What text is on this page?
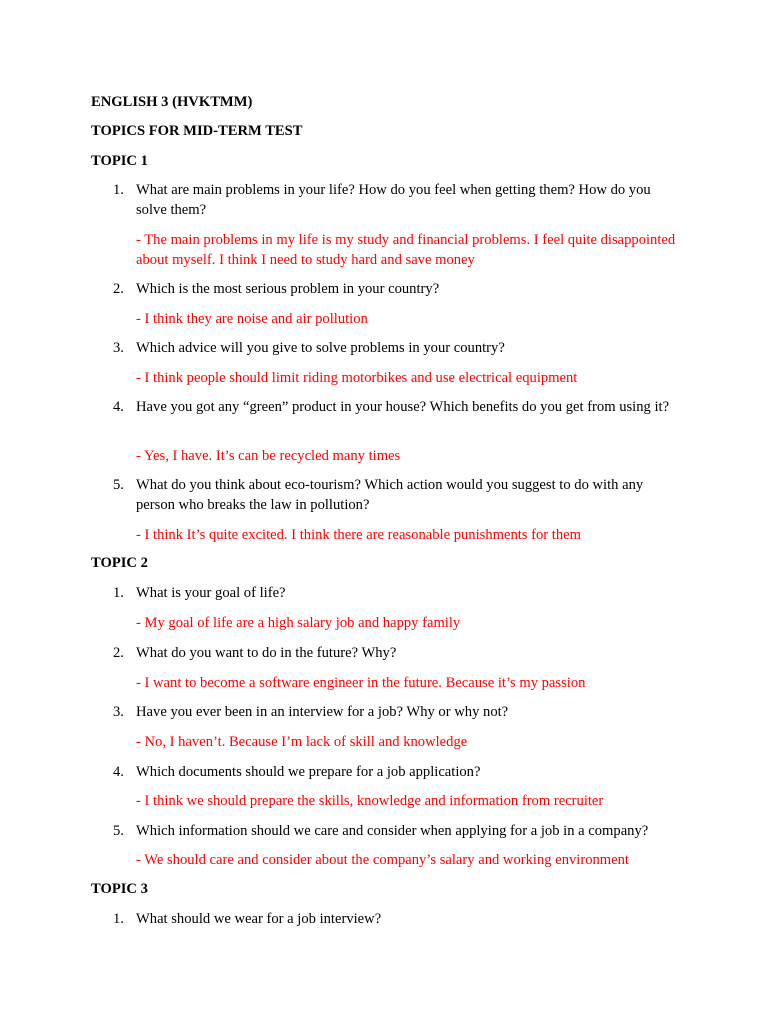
ENGLISH 3 (HVKTMM)
TOPICS FOR MID-TERM TEST
TOPIC 1
1. What are main problems in your life? How do you feel when getting them? How do you solve them?
- The main problems in my life is my study and financial problems. I feel quite disappointed about myself. I think I need to study hard and save money
2. Which is the most serious problem in your country?
- I think they are noise and air pollution
3. Which advice will you give to solve problems in your country?
- I think people should limit riding motorbikes and use electrical equipment
4. Have you got any “green” product in your house? Which benefits do you get from using it?
- Yes, I have. It’s can be recycled many times
5. What do you think about eco-tourism? Which action would you suggest to do with any person who breaks the law in pollution?
- I think It’s quite excited. I think there are reasonable punishments for them
TOPIC 2
1. What is your goal of life?
- My goal of life are a high salary job and happy family
2. What do you want to do in the future? Why?
- I want to become a software engineer in the future. Because it’s my passion
3. Have you ever been in an interview for a job? Why or why not?
- No, I haven’t. Because I’m lack of skill and knowledge
4. Which documents should we prepare for a job application?
- I think we should prepare the skills, knowledge and information from recruiter
5. Which information should we care and consider when applying for a job in a company?
- We should care and consider about the company’s salary and working environment
TOPIC 3
1. What should we wear for a job interview?
